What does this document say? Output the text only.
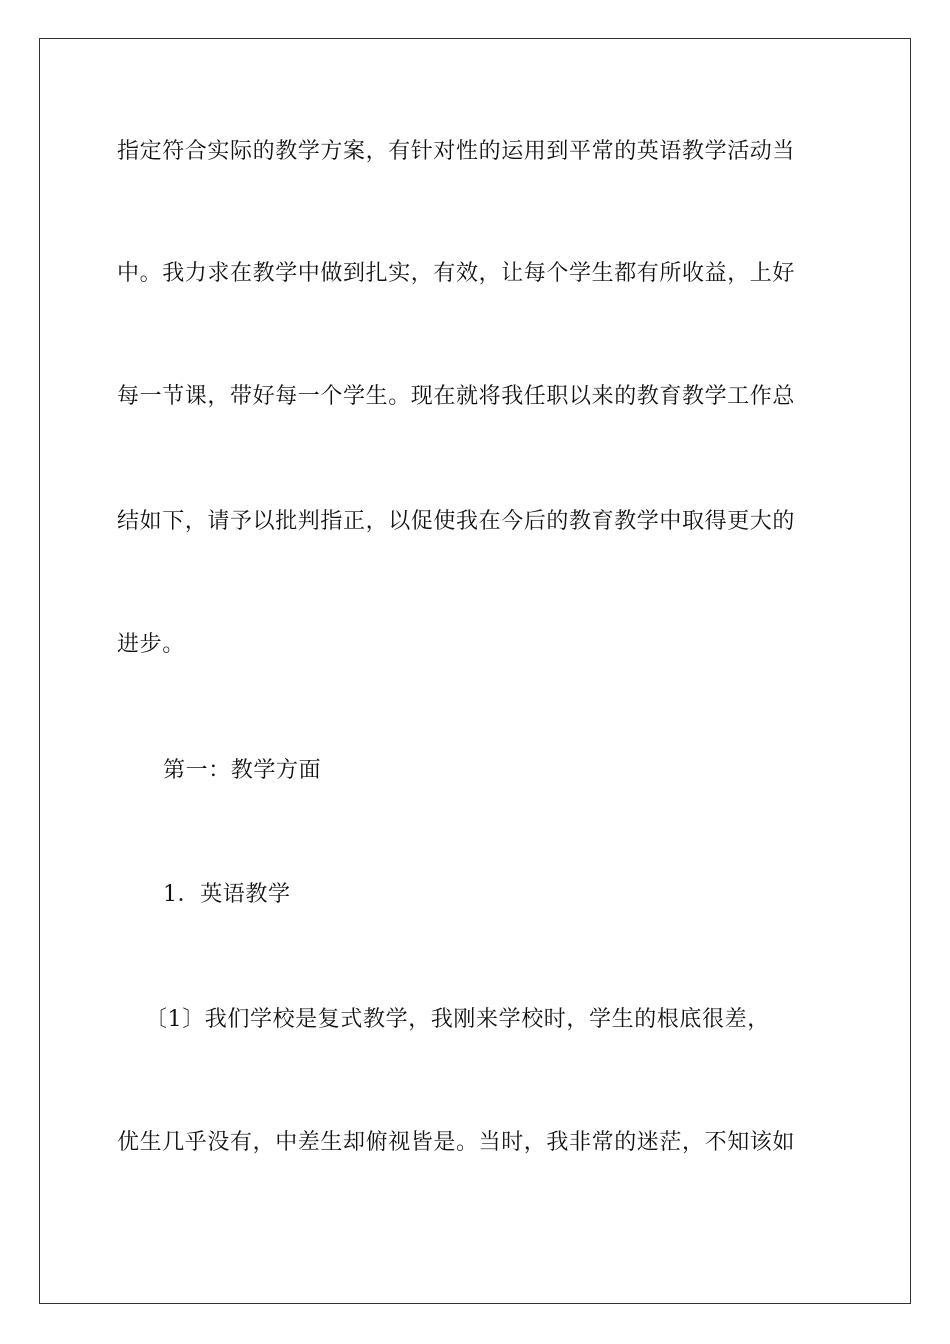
指定符合实际的教学方案，有针对性的运用到平常的英语教学活动当
中。我力求在教学中做到扎实，有效，让每个学生都有所收益，上好
每一节课，带好每一个学生。现在就将我任职以来的教育教学工作总
结如下，请予以批判指正，以促使我在今后的教育教学中取得更大的
进步。
第一：教学方面
1．英语教学
〔1〕我们学校是复式教学，我刚来学校时，学生的根底很差，
优生几乎没有，中差生却俯视皆是。当时，我非常的迷茫，不知该如
